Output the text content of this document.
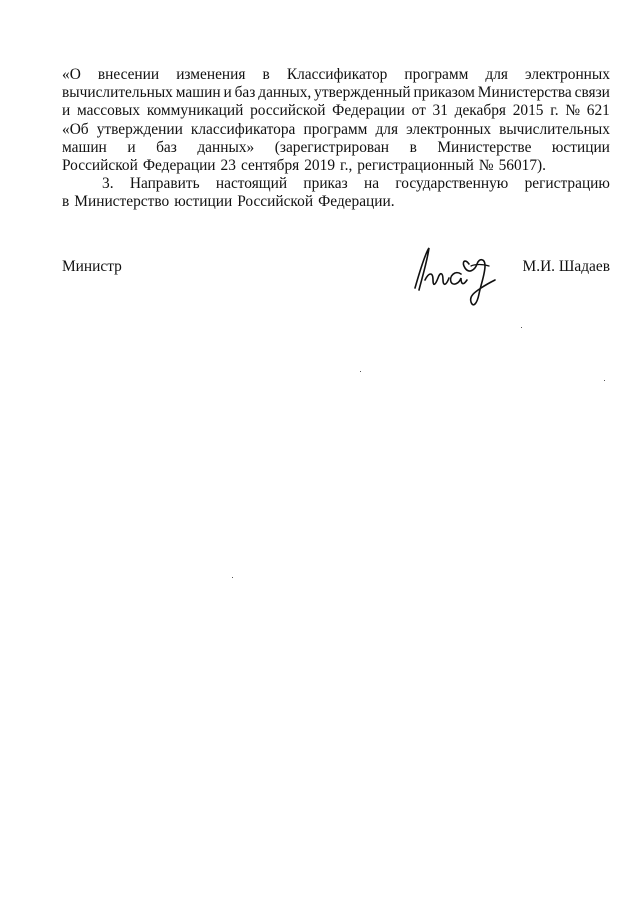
«О внесении изменения в Классификатор программ для электронных
вычислительных машин и баз данных, утвержденный приказом Министерства связи
и массовых коммуникаций российской Федерации от 31 декабря 2015 г. № 621
«Об утверждении классификатора программ для электронных вычислительных
машин и баз данных» (зарегистрирован в Министерстве юстиции
Российской Федерации 23 сентября 2019 г., регистрационный № 56017).
3. Направить настоящий приказ на государственную регистрацию
в Министерство юстиции Российской Федерации.
Министр	М.И. Шадаев
